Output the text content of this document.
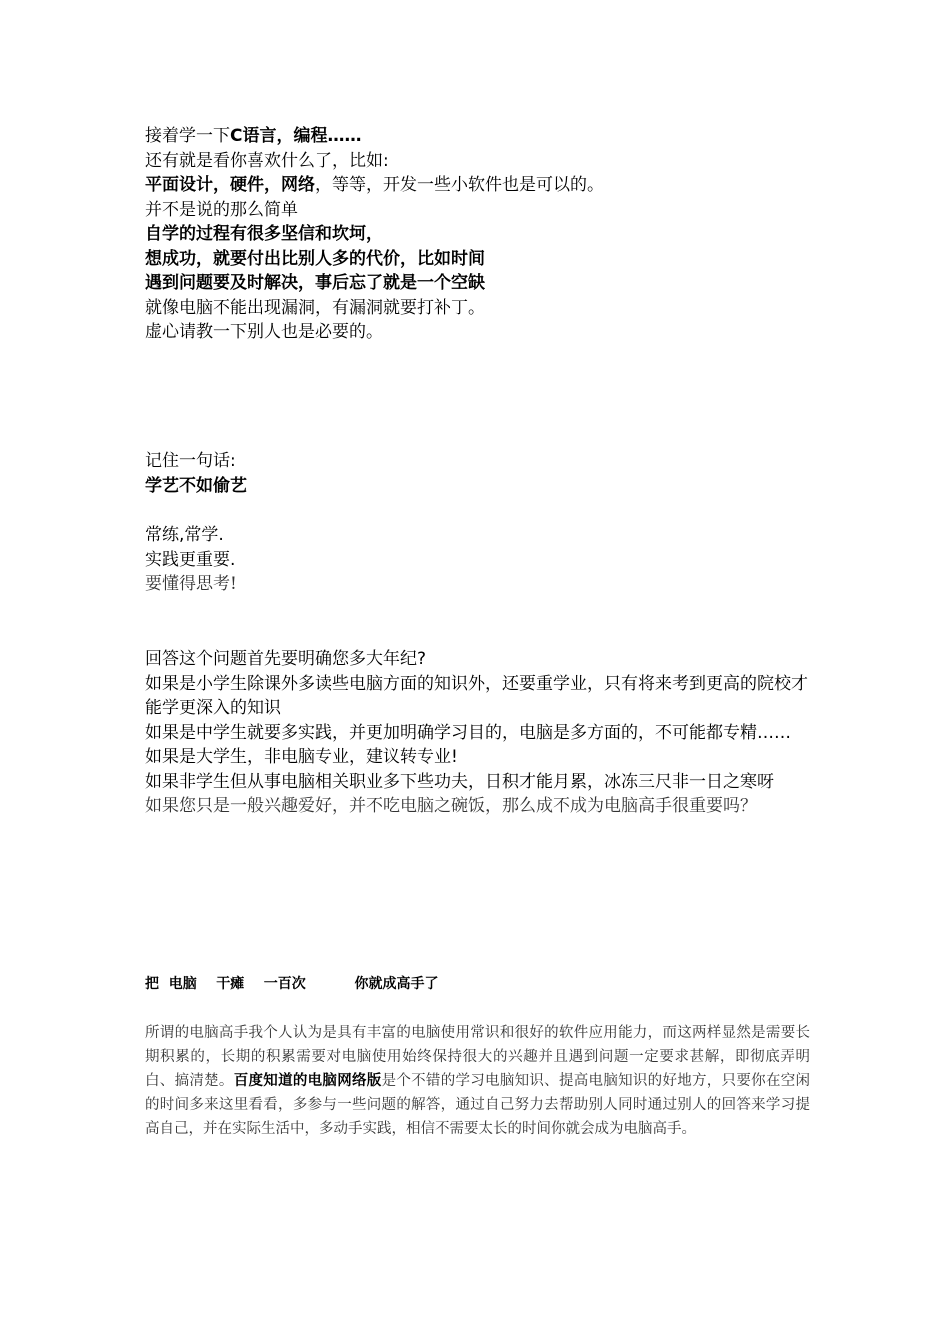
接着学一下C语言，编程……
还有就是看你喜欢什么了，比如:
平面设计，硬件，网络，等等，开发一些小软件也是可以的。
并不是说的那么简单
自学的过程有很多坚信和坎坷，
想成功，就要付出比别人多的代价，比如时间
遇到问题要及时解决，事后忘了就是一个空缺
就像电脑不能出现漏洞，有漏洞就要打补丁。
虚心请教一下别人也是必要的。
记住一句话:
学艺不如偷艺
常练,常学.
实践更重要.
要懂得思考!
回答这个问题首先要明确您多大年纪?
如果是小学生除课外多读些电脑方面的知识外，还要重学业，只有将来考到更高的院校才能学更深入的知识
如果是中学生就要多实践，并更加明确学习目的，电脑是多方面的，不可能都专精……
如果是大学生，非电脑专业，建议转专业!
如果非学生但从事电脑相关职业多下些功夫，日积才能月累，冰冻三尺非一日之寒呀
如果您只是一般兴趣爱好，并不吃电脑之碗饭，那么成不成为电脑高手很重要吗？
把  电脑    干瘫    一百次          你就成高手了
所谓的电脑高手我个人认为是具有丰富的电脑使用常识和很好的软件应用能力，而这两样显然是需要长期积累的，长期的积累需要对电脑使用始终保持很大的兴趣并且遇到问题一定要求甚解，即彻底弄明白、搞清楚。百度知道的电脑网络版是个不错的学习电脑知识、提高电脑知识的好地方，只要你在空闲的时间多来这里看看，多参与一些问题的解答，通过自己努力去帮助别人同时通过别人的回答来学习提高自己，并在实际生活中，多动手实践，相信不需要太长的时间你就会成为电脑高手。
